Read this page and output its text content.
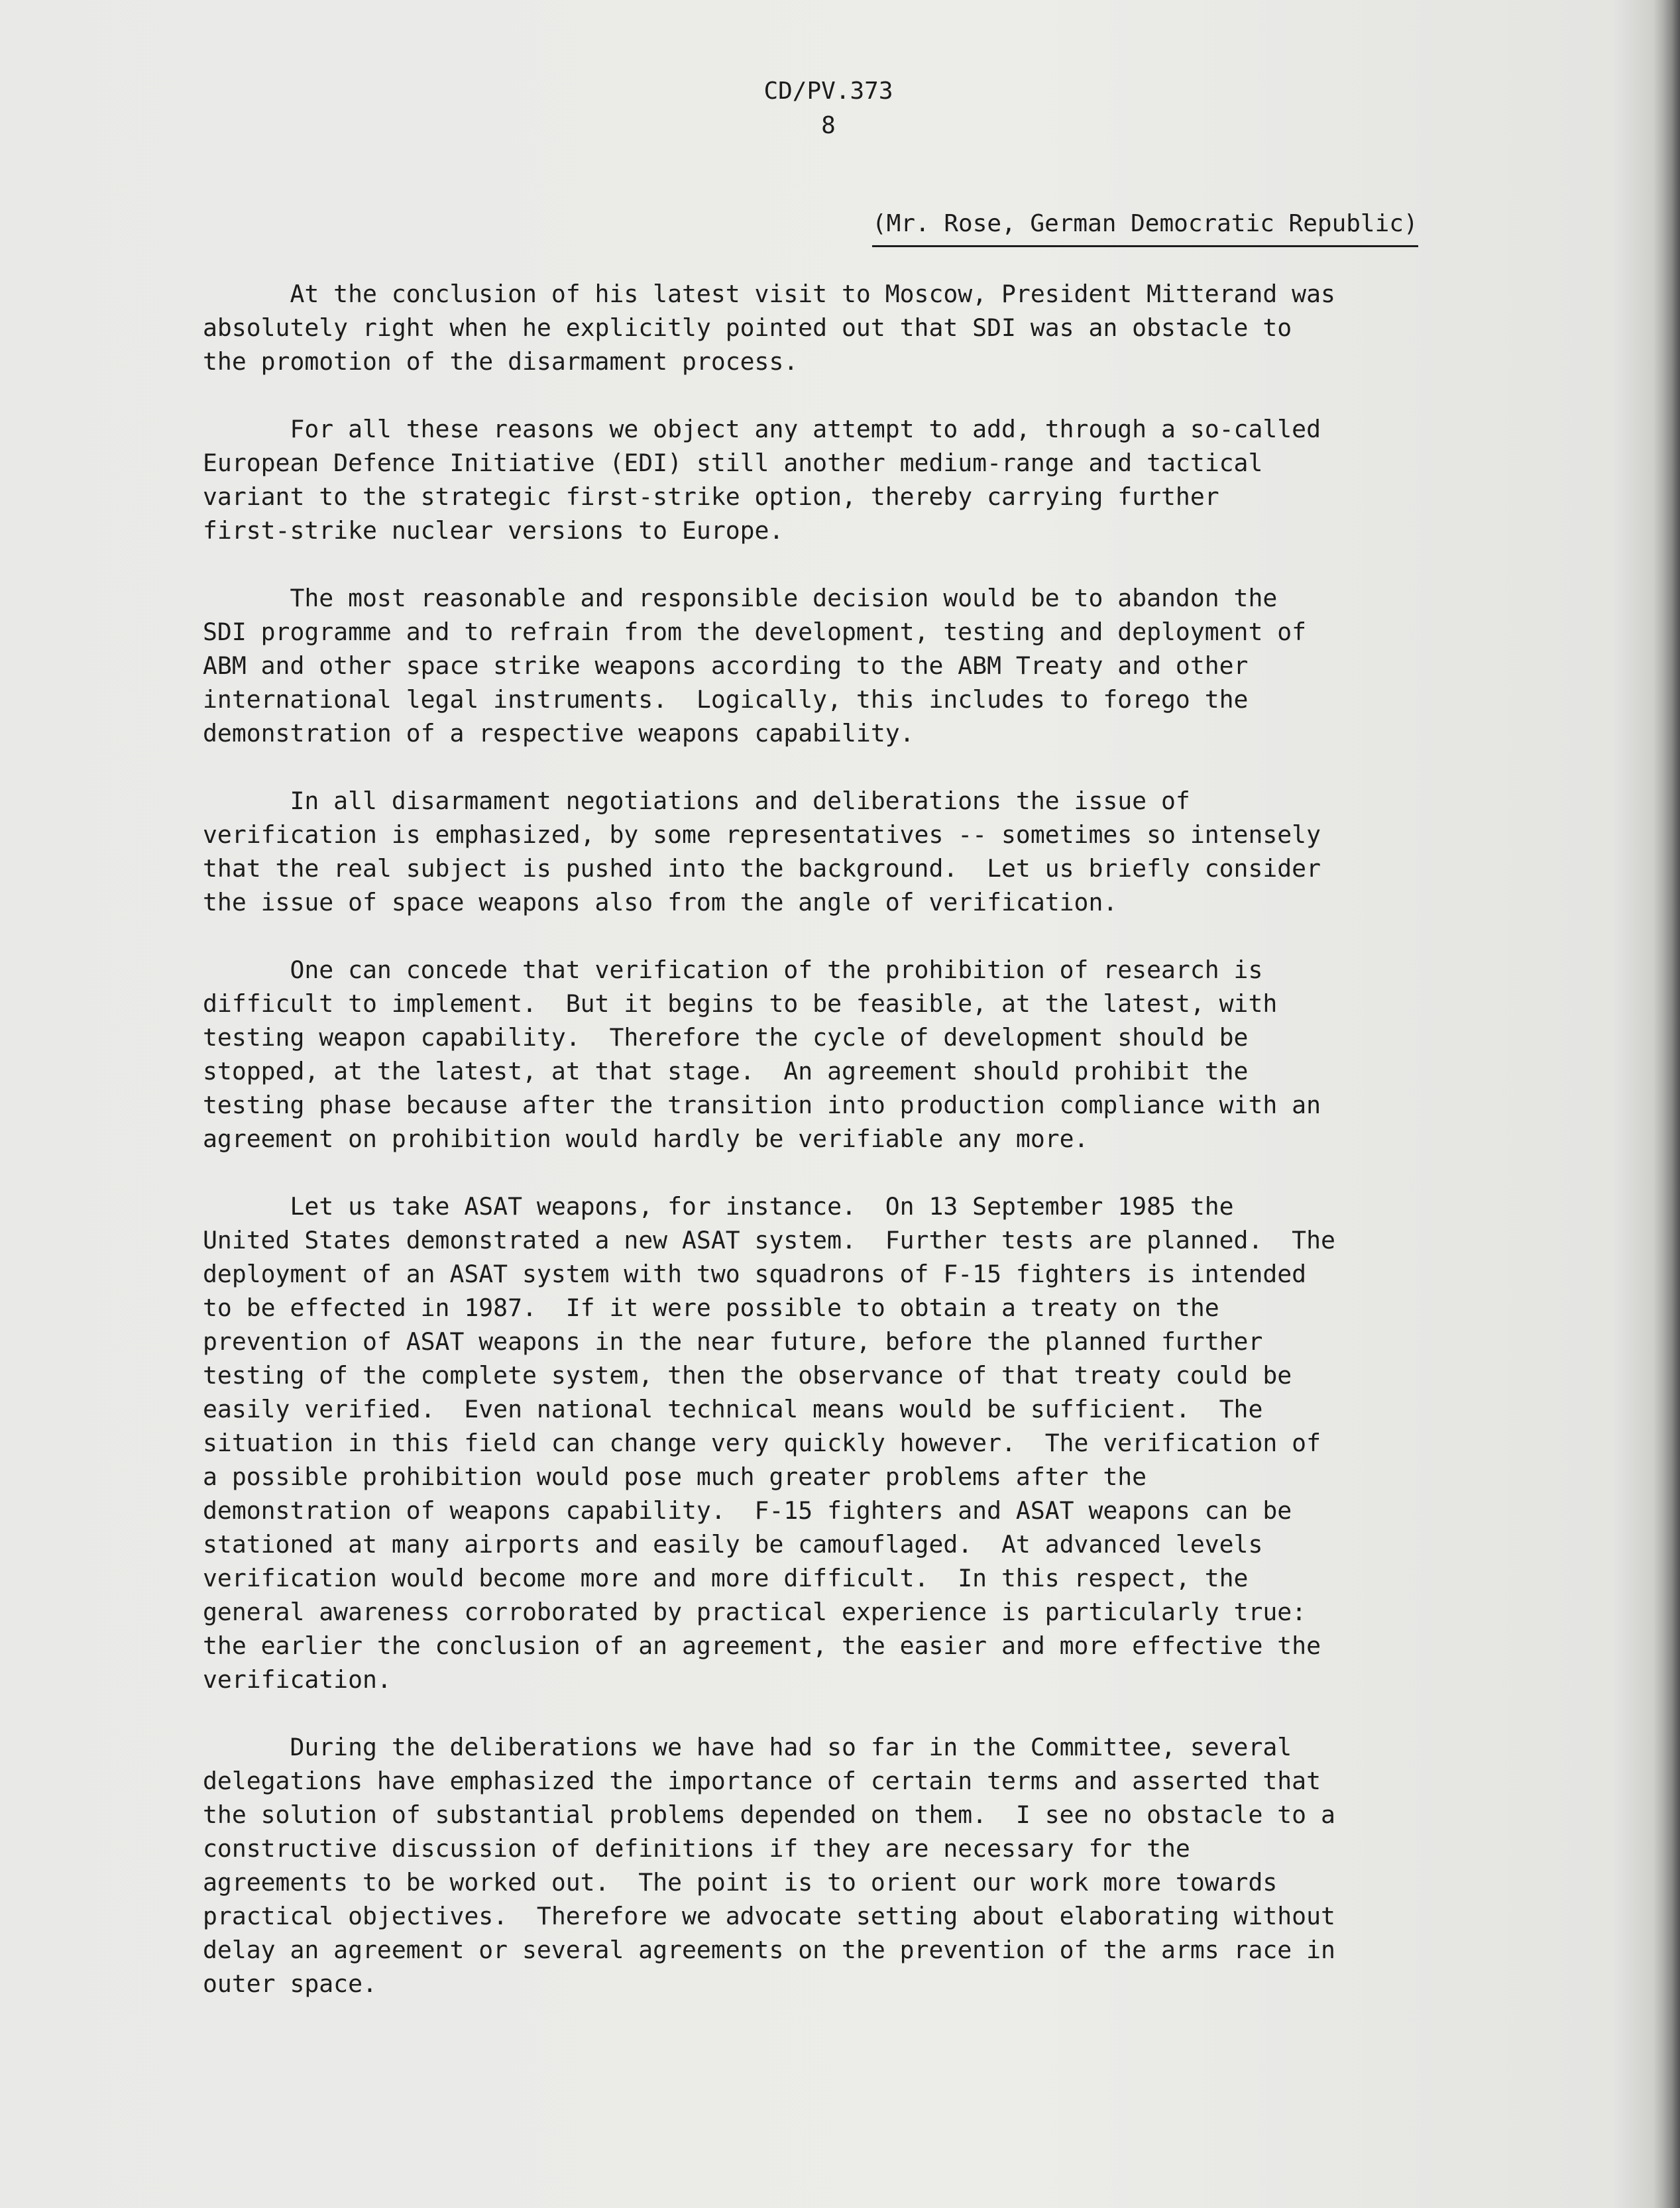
CD/PV.373
8
(Mr. Rose, German Democratic Republic)

At the conclusion of his latest visit to Moscow, President Mitterand was
absolutely right when he explicitly pointed out that SDI was an obstacle to
the promotion of the disarmament process.

For all these reasons we object any attempt to add, through a so-called
European Defence Initiative (EDI) still another medium-range and tactical
variant to the strategic first-strike option, thereby carrying further
first-strike nuclear versions to Europe.

The most reasonable and responsible decision would be to abandon the
SDI programme and to refrain from the development, testing and deployment of
ABM and other space strike weapons according to the ABM Treaty and other
international legal instruments.  Logically, this includes to forego the
demonstration of a respective weapons capability.

In all disarmament negotiations and deliberations the issue of
verification is emphasized, by some representatives -- sometimes so intensely
that the real subject is pushed into the background.  Let us briefly consider
the issue of space weapons also from the angle of verification.

One can concede that verification of the prohibition of research is
difficult to implement.  But it begins to be feasible, at the latest, with
testing weapon capability.  Therefore the cycle of development should be
stopped, at the latest, at that stage.  An agreement should prohibit the
testing phase because after the transition into production compliance with an
agreement on prohibition would hardly be verifiable any more.

Let us take ASAT weapons, for instance.  On 13 September 1985 the
United States demonstrated a new ASAT system.  Further tests are planned.  The
deployment of an ASAT system with two squadrons of F-15 fighters is intended
to be effected in 1987.  If it were possible to obtain a treaty on the
prevention of ASAT weapons in the near future, before the planned further
testing of the complete system, then the observance of that treaty could be
easily verified.  Even national technical means would be sufficient.  The
situation in this field can change very quickly however.  The verification of
a possible prohibition would pose much greater problems after the
demonstration of weapons capability.  F-15 fighters and ASAT weapons can be
stationed at many airports and easily be camouflaged.  At advanced levels
verification would become more and more difficult.  In this respect, the
general awareness corroborated by practical experience is particularly true:
the earlier the conclusion of an agreement, the easier and more effective the
verification.

During the deliberations we have had so far in the Committee, several
delegations have emphasized the importance of certain terms and asserted that
the solution of substantial problems depended on them.  I see no obstacle to a
constructive discussion of definitions if they are necessary for the
agreements to be worked out.  The point is to orient our work more towards
practical objectives.  Therefore we advocate setting about elaborating without
delay an agreement or several agreements on the prevention of the arms race in
outer space.
